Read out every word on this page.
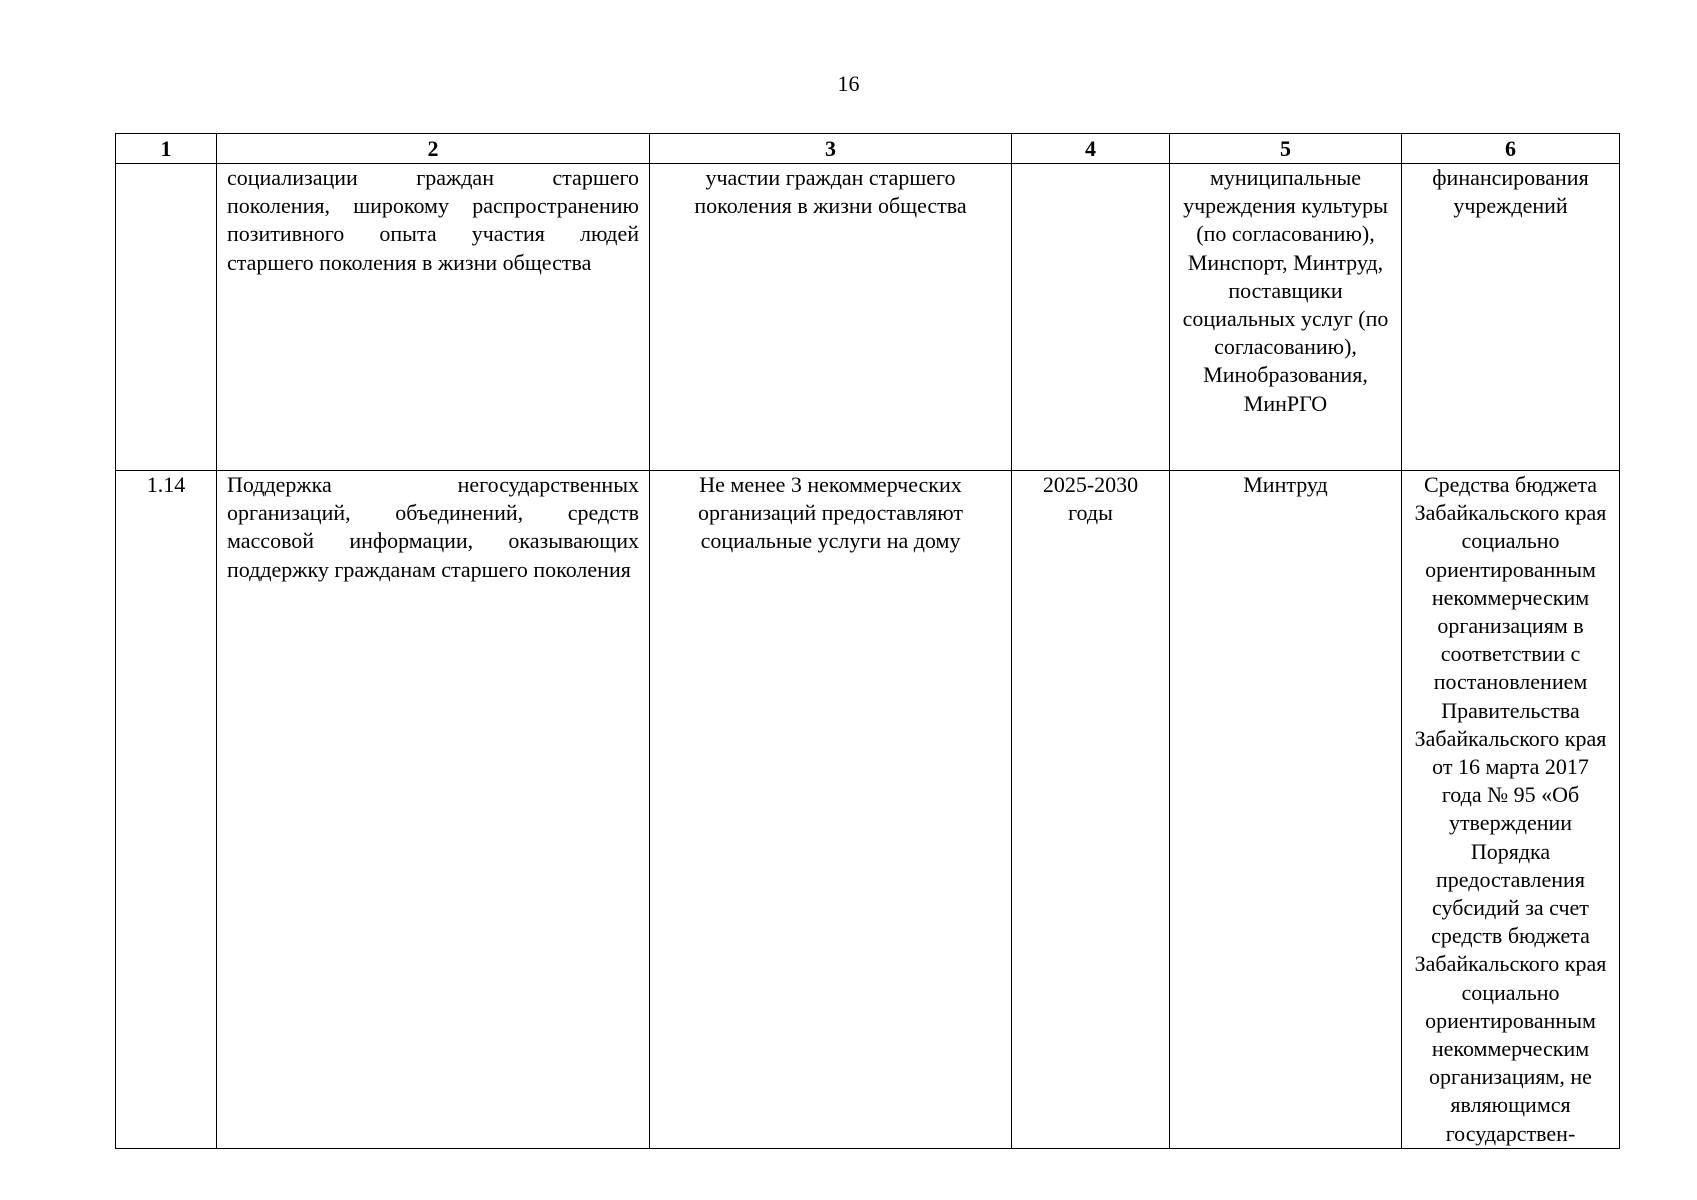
16
1	2	3	4	5	6
	социализации граждан старшего поколения, широкому распространению позитивного опыта участия людей старшего поколения в жизни общества	участии граждан старшего поколения в жизни общества		муниципальные учреждения культуры (по согласованию), Минспорт, Минтруд, поставщики социальных услуг (по согласованию), Минобразования, МинРГО	финансирования учреждений
1.14	Поддержка негосударственных организаций, объединений, средств массовой информации, оказывающих поддержку гражданам старшего поколения	Не менее 3 некоммерческих организаций предоставляют социальные услуги на дому	2025-2030 годы	Минтруд	Средства бюджета Забайкальского края социально ориентированным некоммерческим организациям в соответствии с постановлением Правительства Забайкальского края от 16 марта 2017 года № 95 «Об утверждении Порядка предоставления субсидий за счет средств бюджета Забайкальского края социально ориентированным некоммерческим организациям, не являющимся государствен-
